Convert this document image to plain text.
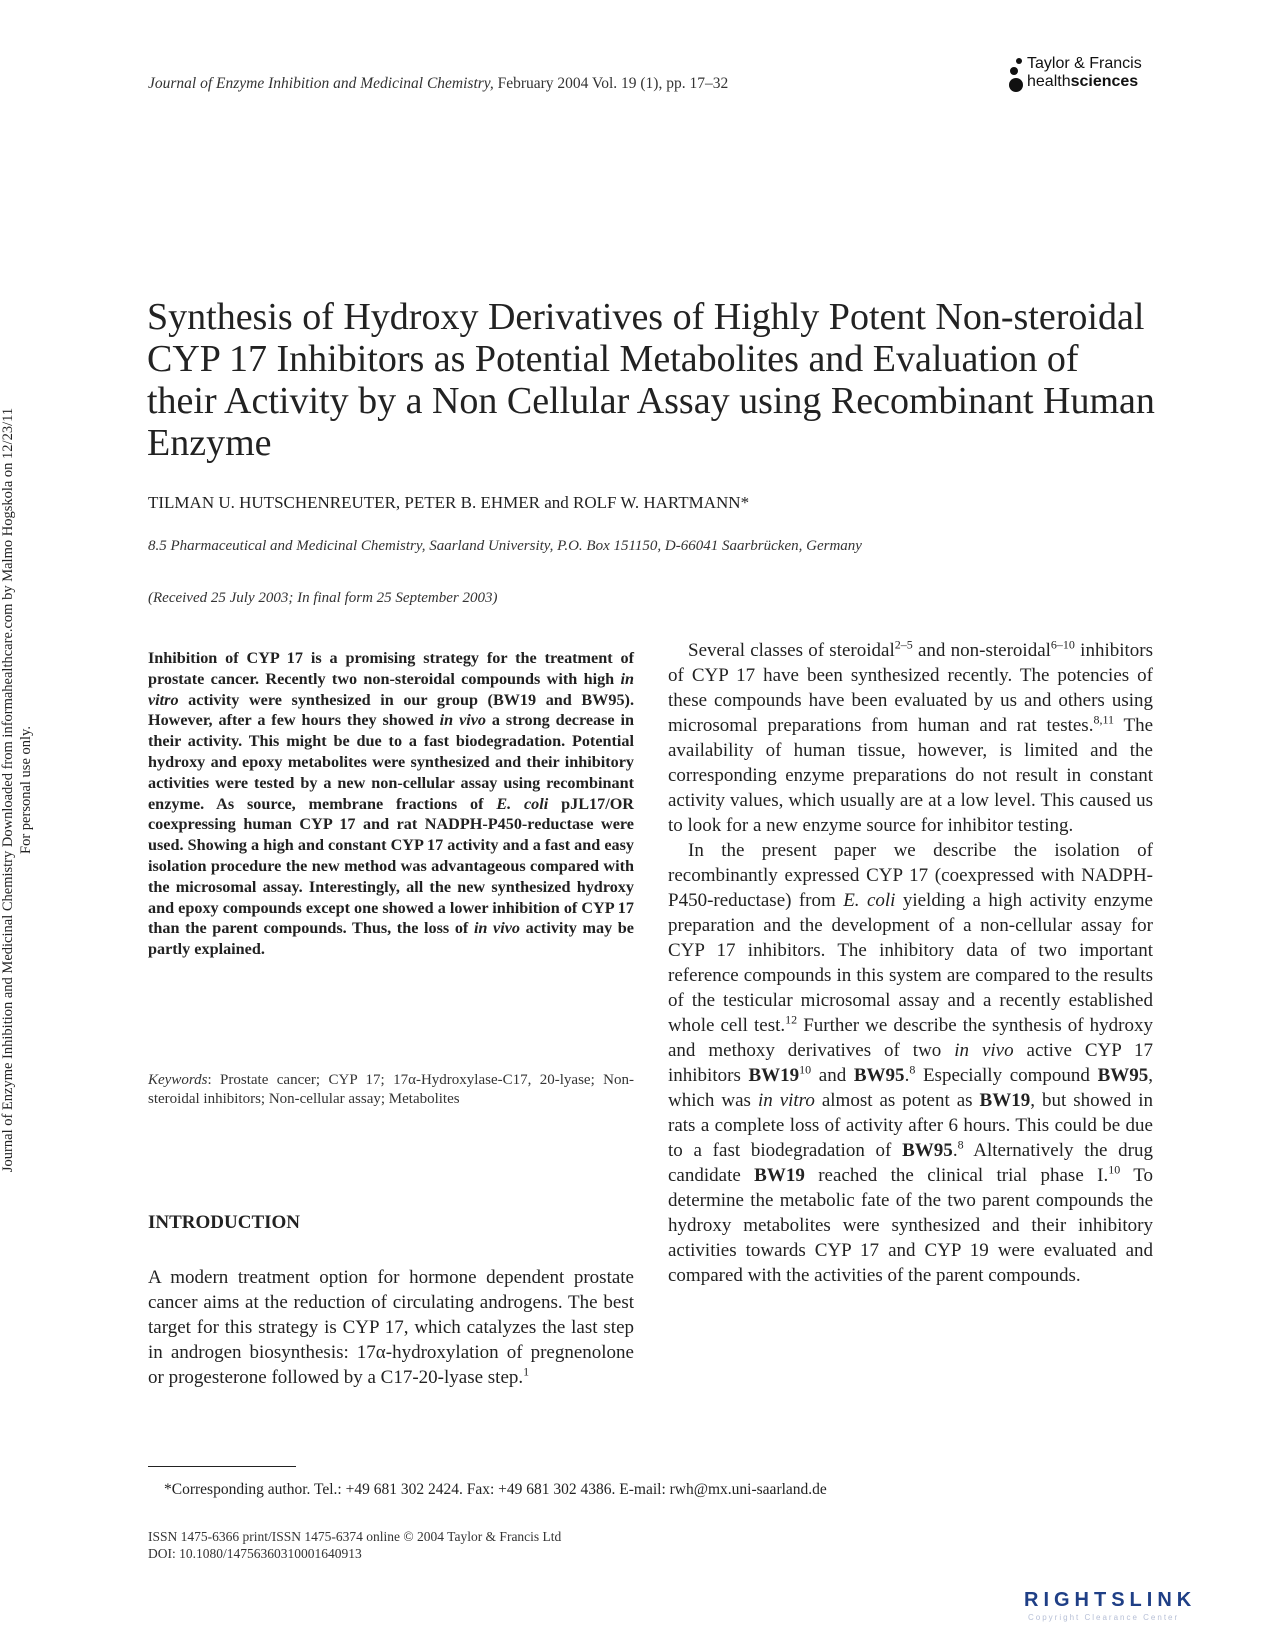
Journal of Enzyme Inhibition and Medicinal Chemistry, February 2004 Vol. 19 (1), pp. 17–32
Taylor & Francis
healthsciences
Journal of Enzyme Inhibition and Medicinal Chemistry Downloaded from informahealthcare.com by Malmo Hogskola on 12/23/11 For personal use only.
Synthesis of Hydroxy Derivatives of Highly Potent Non-steroidal CYP 17 Inhibitors as Potential Metabolites and Evaluation of their Activity by a Non Cellular Assay using Recombinant Human Enzyme
TILMAN U. HUTSCHENREUTER, PETER B. EHMER and ROLF W. HARTMANN*
8.5 Pharmaceutical and Medicinal Chemistry, Saarland University, P.O. Box 151150, D-66041 Saarbrücken, Germany
(Received 25 July 2003; In final form 25 September 2003)
Inhibition of CYP 17 is a promising strategy for the treatment of prostate cancer. Recently two non-steroidal compounds with high in vitro activity were synthesized in our group (BW19 and BW95). However, after a few hours they showed in vivo a strong decrease in their activity. This might be due to a fast biodegradation. Potential hydroxy and epoxy metabolites were synthesized and their inhibitory activities were tested by a new non-cellular assay using recombinant enzyme. As source, membrane fractions of E. coli pJL17/OR coexpressing human CYP 17 and rat NADPH-P450-reductase were used. Showing a high and constant CYP 17 activity and a fast and easy isolation procedure the new method was advantageous compared with the microsomal assay. Interestingly, all the new synthesized hydroxy and epoxy compounds except one showed a lower inhibition of CYP 17 than the parent compounds. Thus, the loss of in vivo activity may be partly explained.
Keywords: Prostate cancer; CYP 17; 17α-Hydroxylase-C17, 20-lyase; Non-steroidal inhibitors; Non-cellular assay; Metabolites
INTRODUCTION
A modern treatment option for hormone dependent prostate cancer aims at the reduction of circulating androgens. The best target for this strategy is CYP 17, which catalyzes the last step in androgen biosynthesis: 17α-hydroxylation of pregnenolone or progesterone followed by a C17-20-lyase step.$^1$

Several classes of steroidal$^{2-5}$ and non-steroidal$^{6-10}$ inhibitors of CYP 17 have been synthesized recently. The potencies of these compounds have been evaluated by us and others using microsomal preparations from human and rat testes.$^{8,11}$ The availability of human tissue, however, is limited and the corresponding enzyme preparations do not result in constant activity values, which usually are at a low level. This caused us to look for a new enzyme source for inhibitor testing.

In the present paper we describe the isolation of recombinantly expressed CYP 17 (coexpressed with NADPH-P450-reductase) from E. coli yielding a high activity enzyme preparation and the development of a non-cellular assay for CYP 17 inhibitors. The inhibitory data of two important reference compounds in this system are compared to the results of the testicular microsomal assay and a recently established whole cell test.$^{12}$ Further we describe the synthesis of hydroxy and methoxy derivatives of two in vivo active CYP 17 inhibitors $BW19^{10}$ and BW95.$^8$ Especially compound BW95, which was in vitro almost as potent as BW19, but showed in rats a complete loss of activity after 6 hours. This could be due to a fast biodegradation of BW95.$^8$ Alternatively the drug candidate BW19 reached the clinical trial phase I.$^{10}$ To determine the metabolic fate of the two parent compounds the hydroxy metabolites were synthesized and their inhibitory activities towards CYP 17 and CYP 19 were evaluated and compared with the activities of the parent compounds.

*Corresponding author. Tel.: +49 681 302 2424. Fax: +49 681 302 4386. E-mail: rwh@mx.uni-saarland.de
ISSN 1475-6366 print/ISSN 1475-6374 online © 2004 Taylor & Francis Ltd
DOI: 10.1080/14756360310001640913
RIGHTSLINK
Copyright Clearance Center
